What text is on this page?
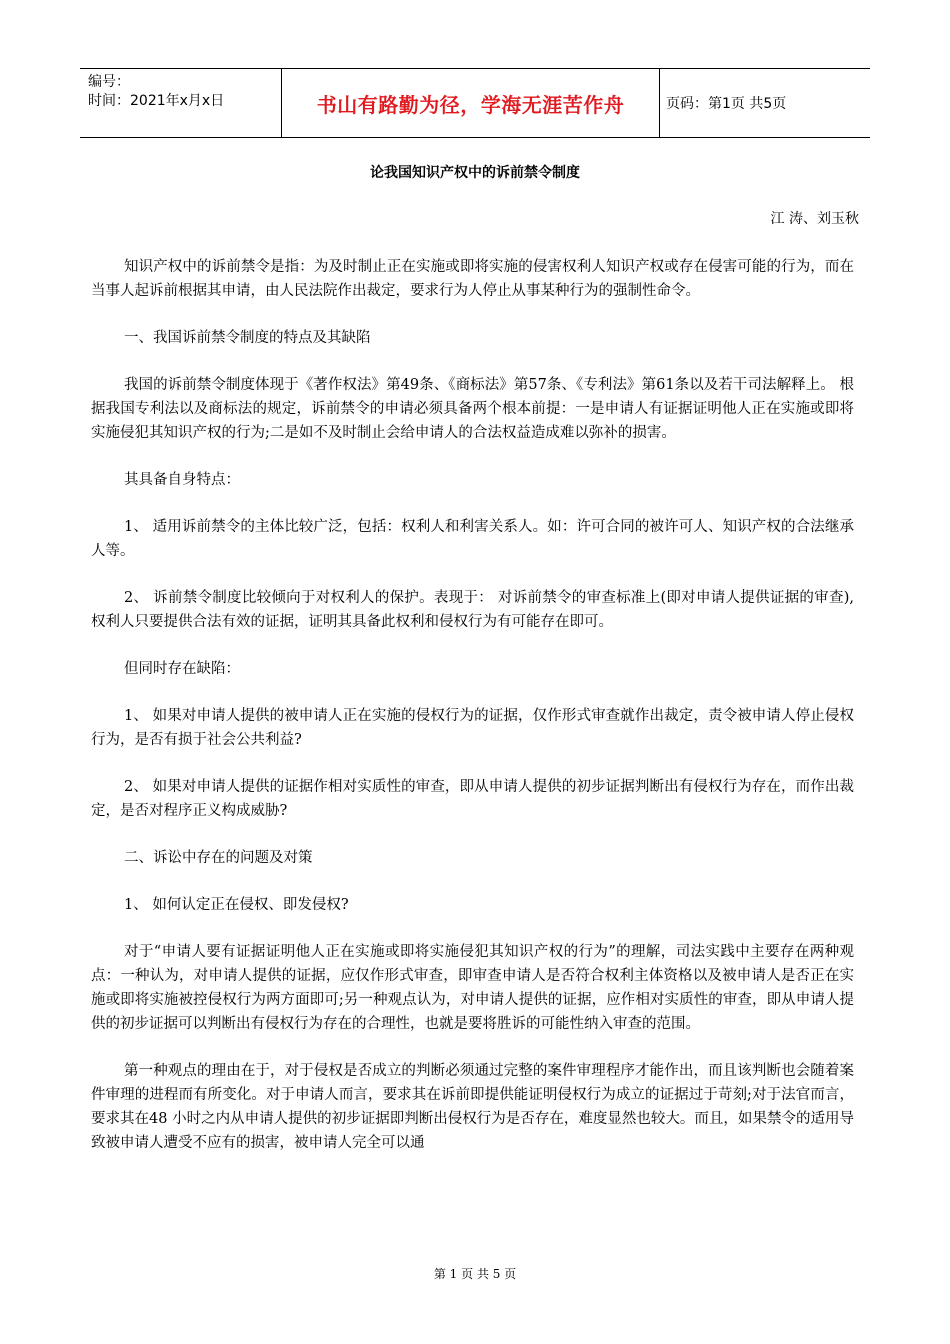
编号：
时间：2021年x月x日	书山有路勤为径，学海无涯苦作舟	页码：第1页 共5页
论我国知识产权中的诉前禁令制度
江 涛、刘玉秋

知识产权中的诉前禁令是指：为及时制止正在实施或即将实施的侵害权利人知识产权或存在侵害可能的行为，而在当事人起诉前根据其申请，由人民法院作出裁定，要求行为人停止从事某种行为的强制性命令。

一、我国诉前禁令制度的特点及其缺陷

我国的诉前禁令制度体现于《著作权法》第49条、《商标法》第57条、《专利法》第61条以及若干司法解释上。 根据我国专利法以及商标法的规定，诉前禁令的申请必须具备两个根本前提：一是申请人有证据证明他人正在实施或即将实施侵犯其知识产权的行为;二是如不及时制止会给申请人的合法权益造成难以弥补的损害。

其具备自身特点：

1、 适用诉前禁令的主体比较广泛，包括：权利人和利害关系人。如：许可合同的被许可人、知识产权的合法继承人等。

2、 诉前禁令制度比较倾向于对权利人的保护。表现于： 对诉前禁令的审查标准上(即对申请人提供证据的审查),权利人只要提供合法有效的证据，证明其具备此权利和侵权行为有可能存在即可。

但同时存在缺陷：

1、 如果对申请人提供的被申请人正在实施的侵权行为的证据，仅作形式审查就作出裁定，责令被申请人停止侵权行为，是否有损于社会公共利益?

2、 如果对申请人提供的证据作相对实质性的审查，即从申请人提供的初步证据判断出有侵权行为存在，而作出裁定，是否对程序正义构成威胁?

二、诉讼中存在的问题及对策

1、 如何认定正在侵权、即发侵权?

对于“申请人要有证据证明他人正在实施或即将实施侵犯其知识产权的行为”的理解，司法实践中主要存在两种观点：一种认为，对申请人提供的证据，应仅作形式审查，即审查申请人是否符合权利主体资格以及被申请人是否正在实施或即将实施被控侵权行为两方面即可;另一种观点认为，对申请人提供的证据，应作相对实质性的审查，即从申请人提供的初步证据可以判断出有侵权行为存在的合理性，也就是要将胜诉的可能性纳入审查的范围。

第一种观点的理由在于，对于侵权是否成立的判断必须通过完整的案件审理程序才能作出，而且该判断也会随着案件审理的进程而有所变化。对于申请人而言，要求其在诉前即提供能证明侵权行为成立的证据过于苛刻;对于法官而言，要求其在48 小时之内从申请人提供的初步证据即判断出侵权行为是否存在，难度显然也较大。而且，如果禁令的适用导致被申请人遭受不应有的损害，被申请人完全可以通

第 1 页 共 5 页
